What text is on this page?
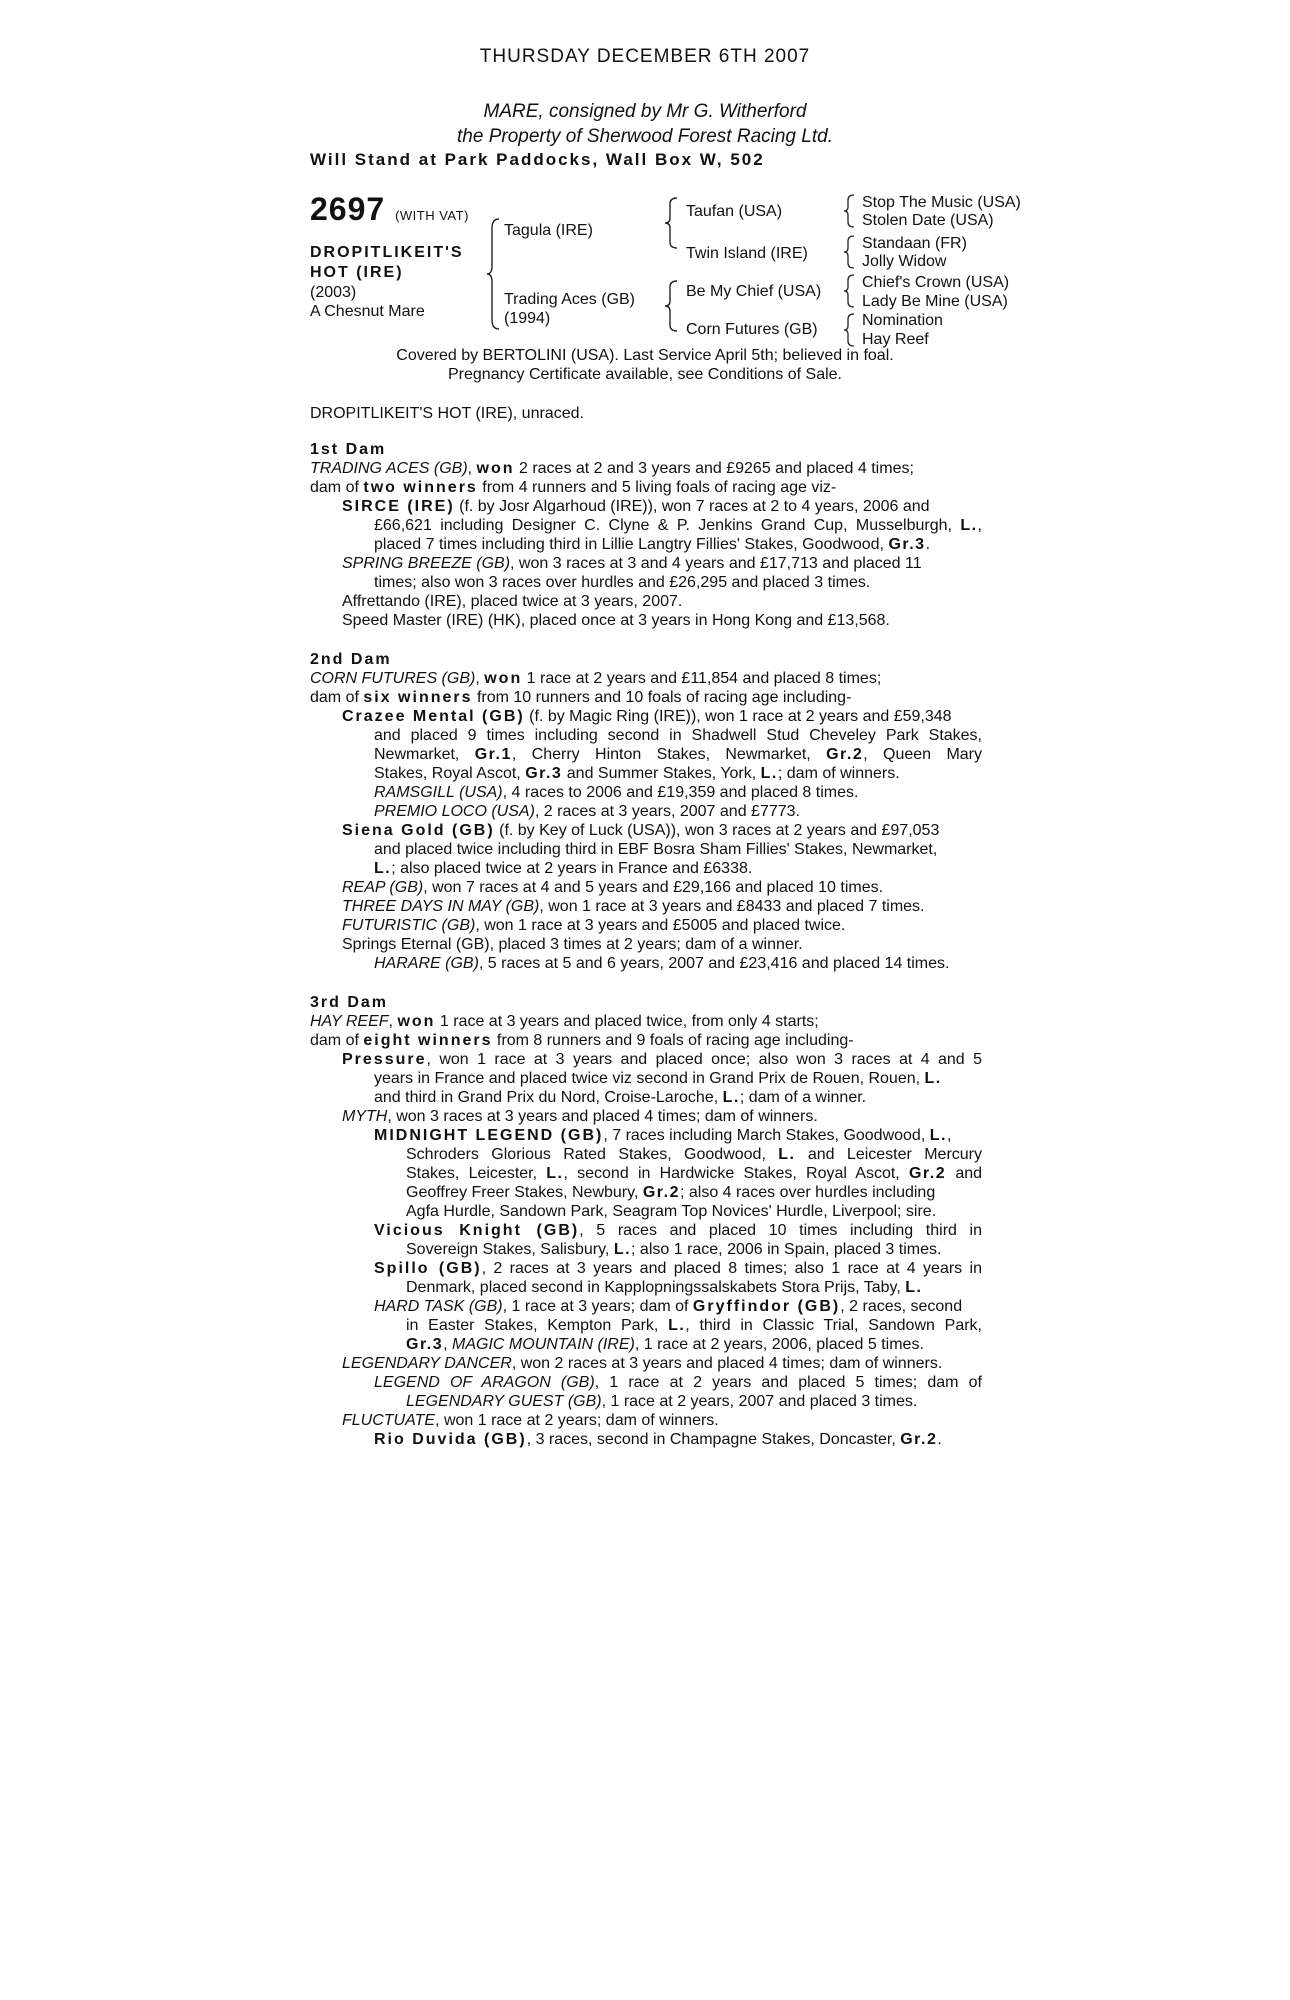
THURSDAY DECEMBER 6TH 2007
MARE, consigned by Mr G. Witherford
the Property of Sherwood Forest Racing Ltd.
Will Stand at Park Paddocks, Wall Box W, 502
2697 (WITH VAT)
DROPITLIKEIT'S
HOT (IRE)
(2003)
A Chesnut Mare
Tagula (IRE)
Trading Aces (GB)
(1994)
Taufan (USA)
Twin Island (IRE)
Be My Chief (USA)
Corn Futures (GB)
Stop The Music (USA)
Stolen Date (USA)
Standaan (FR)
Jolly Widow
Chief's Crown (USA)
Lady Be Mine (USA)
Nomination
Hay Reef
Covered by BERTOLINI (USA). Last Service April 5th; believed in foal.
Pregnancy Certificate available, see Conditions of Sale.
DROPITLIKEIT'S HOT (IRE), unraced.
1st Dam
TRADING ACES (GB), won 2 races at 2 and 3 years and £9265 and placed 4 times;
dam of two winners from 4 runners and 5 living foals of racing age viz-
SIRCE (IRE) (f. by Josr Algarhoud (IRE)), won 7 races at 2 to 4 years, 2006 and
£66,621 including Designer C. Clyne & P. Jenkins Grand Cup, Musselburgh, L.,
placed 7 times including third in Lillie Langtry Fillies' Stakes, Goodwood, Gr.3.
SPRING BREEZE (GB), won 3 races at 3 and 4 years and £17,713 and placed 11
times; also won 3 races over hurdles and £26,295 and placed 3 times.
Affrettando (IRE), placed twice at 3 years, 2007.
Speed Master (IRE) (HK), placed once at 3 years in Hong Kong and £13,568.
2nd Dam
CORN FUTURES (GB), won 1 race at 2 years and £11,854 and placed 8 times;
dam of six winners from 10 runners and 10 foals of racing age including-
Crazee Mental (GB) (f. by Magic Ring (IRE)), won 1 race at 2 years and £59,348
and placed 9 times including second in Shadwell Stud Cheveley Park Stakes,
Newmarket, Gr.1, Cherry Hinton Stakes, Newmarket, Gr.2, Queen Mary
Stakes, Royal Ascot, Gr.3 and Summer Stakes, York, L.; dam of winners.
RAMSGILL (USA), 4 races to 2006 and £19,359 and placed 8 times.
PREMIO LOCO (USA), 2 races at 3 years, 2007 and £7773.
Siena Gold (GB) (f. by Key of Luck (USA)), won 3 races at 2 years and £97,053
and placed twice including third in EBF Bosra Sham Fillies' Stakes, Newmarket,
L.; also placed twice at 2 years in France and £6338.
REAP (GB), won 7 races at 4 and 5 years and £29,166 and placed 10 times.
THREE DAYS IN MAY (GB), won 1 race at 3 years and £8433 and placed 7 times.
FUTURISTIC (GB), won 1 race at 3 years and £5005 and placed twice.
Springs Eternal (GB), placed 3 times at 2 years; dam of a winner.
HARARE (GB), 5 races at 5 and 6 years, 2007 and £23,416 and placed 14 times.
3rd Dam
HAY REEF, won 1 race at 3 years and placed twice, from only 4 starts;
dam of eight winners from 8 runners and 9 foals of racing age including-
Pressure, won 1 race at 3 years and placed once; also won 3 races at 4 and 5
years in France and placed twice viz second in Grand Prix de Rouen, Rouen, L.
and third in Grand Prix du Nord, Croise-Laroche, L.; dam of a winner.
MYTH, won 3 races at 3 years and placed 4 times; dam of winners.
MIDNIGHT LEGEND (GB), 7 races including March Stakes, Goodwood, L.,
Schroders Glorious Rated Stakes, Goodwood, L. and Leicester Mercury
Stakes, Leicester, L., second in Hardwicke Stakes, Royal Ascot, Gr.2 and
Geoffrey Freer Stakes, Newbury, Gr.2; also 4 races over hurdles including
Agfa Hurdle, Sandown Park, Seagram Top Novices' Hurdle, Liverpool; sire.
Vicious Knight (GB), 5 races and placed 10 times including third in
Sovereign Stakes, Salisbury, L.; also 1 race, 2006 in Spain, placed 3 times.
Spillo (GB), 2 races at 3 years and placed 8 times; also 1 race at 4 years in
Denmark, placed second in Kapplopningssalskabets Stora Prijs, Taby, L.
HARD TASK (GB), 1 race at 3 years; dam of Gryffindor (GB), 2 races, second
in Easter Stakes, Kempton Park, L., third in Classic Trial, Sandown Park,
Gr.3, MAGIC MOUNTAIN (IRE), 1 race at 2 years, 2006, placed 5 times.
LEGENDARY DANCER, won 2 races at 3 years and placed 4 times; dam of winners.
LEGEND OF ARAGON (GB), 1 race at 2 years and placed 5 times; dam of
LEGENDARY GUEST (GB), 1 race at 2 years, 2007 and placed 3 times.
FLUCTUATE, won 1 race at 2 years; dam of winners.
Rio Duvida (GB), 3 races, second in Champagne Stakes, Doncaster, Gr.2.
